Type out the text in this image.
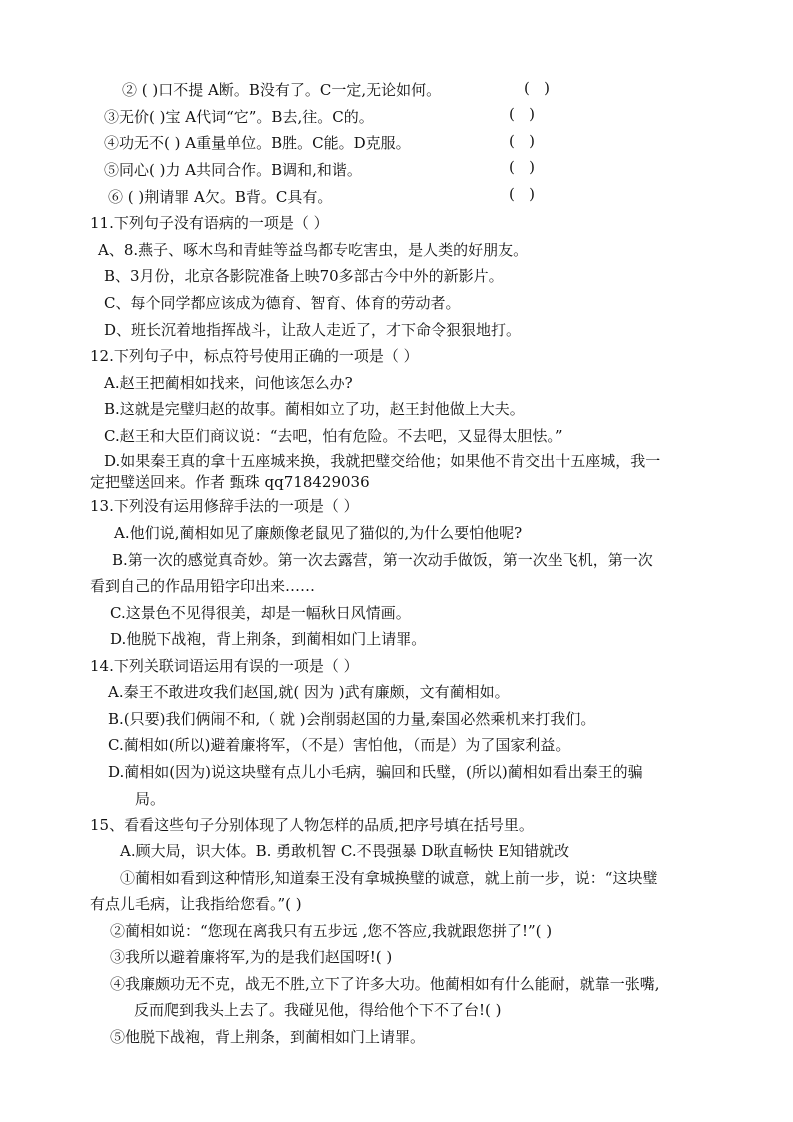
② ( )口不提 A断。B没有了。C一定,无论如何。	(   )
③无价( )宝 A代词“它”。B去,往。C的。	(   )
④功无不( ) A重量单位。B胜。C能。D克服。	(   )
⑤同心( )力 A共同合作。B调和,和谐。	(   )
⑥ ( )荆请罪 A欠。B背。C具有。	(   )
11.下列句子没有语病的一项是（ ）
A、8.燕子、啄木鸟和青蛙等益鸟都专吃害虫，是人类的好朋友。
B、3月份，北京各影院准备上映70多部古今中外的新影片。
C、每个同学都应该成为德育、智育、体育的劳动者。
D、班长沉着地指挥战斗，让敌人走近了，才下命令狠狠地打。
12.下列句子中，标点符号使用正确的一项是（ ）
A.赵王把蔺相如找来，问他该怎么办?
B.这就是完璧归赵的故事。蔺相如立了功，赵王封他做上大夫。
C.赵王和大臣们商议说：“去吧，怕有危险。不去吧，又显得太胆怯。”
D.如果秦王真的拿十五座城来换，我就把璧交给他；如果他不肯交出十五座城，我一
定把璧送回来。作者 甄珠 qq718429036
13.下列没有运用修辞手法的一项是（ ）
A.他们说,蔺相如见了廉颇像老鼠见了猫似的,为什么要怕他呢?
B.第一次的感觉真奇妙。第一次去露营，第一次动手做饭，第一次坐飞机，第一次
看到自己的作品用铅字印出来……
C.这景色不见得很美，却是一幅秋日风情画。
D.他脱下战袍，背上荆条，到蔺相如门上请罪。
14.下列关联词语运用有误的一项是（ ）
A.秦王不敢进攻我们赵国,就( 因为 )武有廉颇，文有蔺相如。
B.(只要)我们俩闹不和,（ 就 )会削弱赵国的力量,秦国必然乘机来打我们。
C.蔺相如(所以)避着廉将军，（不是）害怕他，（而是）为了国家利益。
D.蔺相如(因为)说这块璧有点儿小毛病，骗回和氏璧，(所以)蔺相如看出秦王的骗
局。
15、看看这些句子分别体现了人物怎样的品质,把序号填在括号里。
A.顾大局，识大体。B. 勇敢机智 C.不畏强暴 D耿直畅快 E知错就改
①蔺相如看到这种情形,知道秦王没有拿城换璧的诚意，就上前一步，说：“这块璧
有点儿毛病，让我指给您看。”( )
②蔺相如说：“您现在离我只有五步远 ,您不答应,我就跟您拼了!”( )
③我所以避着廉将军,为的是我们赵国呀!( )
④我廉颇功无不克，战无不胜,立下了许多大功。他蔺相如有什么能耐，就靠一张嘴,
反而爬到我头上去了。我碰见他，得给他个下不了台!( )
⑤他脱下战袍，背上荆条，到蔺相如门上请罪。
